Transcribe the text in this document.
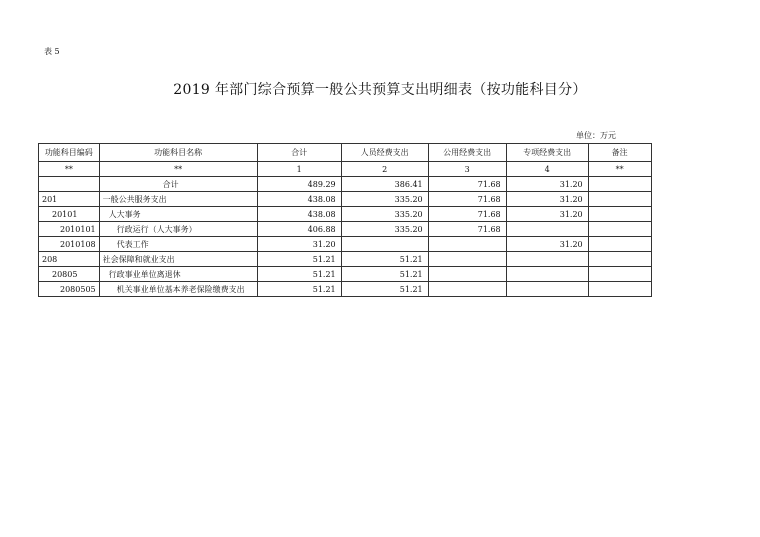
表 5
2019 年部门综合预算一般公共预算支出明细表（按功能科目分）
单位：万元
功能科目编码	功能科目名称	合计	人员经费支出	公用经费支出	专项经费支出	备注
**	**	1	2	3	4	**
	合计	489.29	386.41	71.68	31.20	
201	一般公共服务支出	438.08	335.20	71.68	31.20	
20101	人大事务	438.08	335.20	71.68	31.20	
2010101	行政运行（人大事务）	406.88	335.20	71.68		
2010108	代表工作	31.20			31.20	
208	社会保障和就业支出	51.21	51.21			
20805	行政事业单位离退休	51.21	51.21			
2080505	机关事业单位基本养老保险缴费支出	51.21	51.21			
